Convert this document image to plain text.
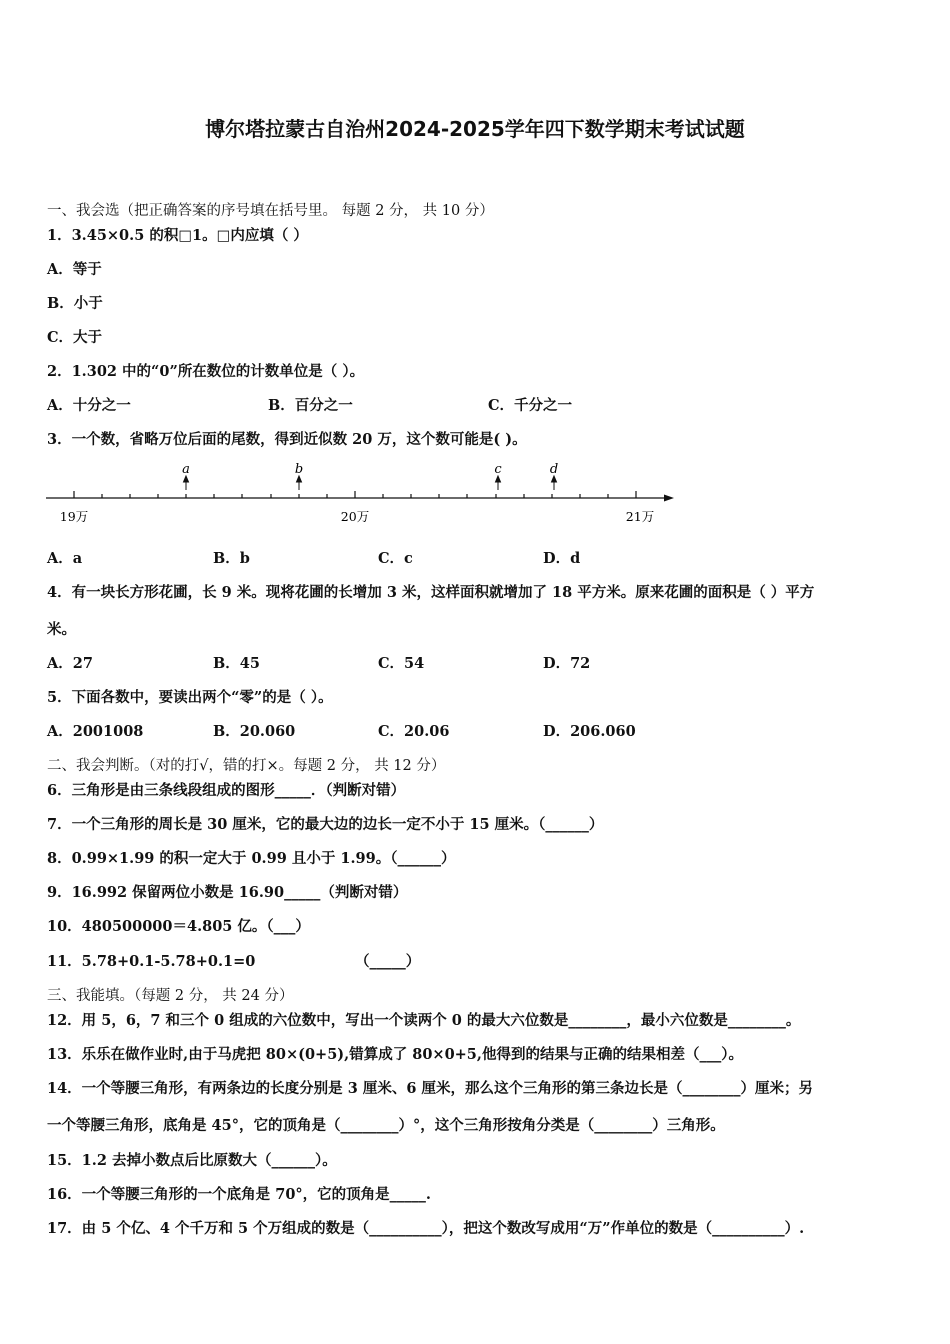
博尔塔拉蒙古自治州2024-2025学年四下数学期末考试试题
一、我会选（把正确答案的序号填在括号里。 每题 2 分， 共 10 分）
1．3.45×0.5 的积□1。□内应填（ ）
A．等于
B．小于
C．大于
2．1.302 中的“0”所在数位的计数单位是（ ）。
A．十分之一	B．百分之一	C．千分之一
3．一个数，省略万位后面的尾数，得到近似数 20 万，这个数可能是( )。
a	b	c	d
19万	20万	21万
A．a	B．b	C．c	D．d
4．有一块长方形花圃，长 9 米。现将花圃的长增加 3 米，这样面积就增加了 18 平方米。原来花圃的面积是（ ）平方
米。
A．27	B．45	C．54	D．72
5．下面各数中，要读出两个“零”的是（ ）。
A．2001008	B．20.060	C．20.06	D．206.060
二、我会判断。（对的打√，错的打×。每题 2 分， 共 12 分）
6．三角形是由三条线段组成的图形_____．（判断对错）
7．一个三角形的周长是 30 厘米，它的最大边的边长一定不小于 15 厘米。（______）
8．0.99×1.99 的积一定大于 0.99 且小于 1.99。（______）
9．16.992 保留两位小数是 16.90_____（判断对错）
10．480500000＝4.805 亿。（___）
11．5.78+0.1-5.78+0.1=0	（_____）
三、我能填。（每题 2 分， 共 24 分）
12．用 5，6，7 和三个 0 组成的六位数中，写出一个读两个 0 的最大六位数是________，最小六位数是________。
13．乐乐在做作业时,由于马虎把 80×(0+5),错算成了 80×0+5,他得到的结果与正确的结果相差（___）。
14．一个等腰三角形，有两条边的长度分别是 3 厘米、6 厘米，那么这个三角形的第三条边长是（________）厘米；另
一个等腰三角形，底角是 45°，它的顶角是（________）°，这个三角形按角分类是（________）三角形。
15．1.2 去掉小数点后比原数大（______）。
16．一个等腰三角形的一个底角是 70°，它的顶角是_____.
17．由 5 个亿、4 个千万和 5 个万组成的数是（__________），把这个数改写成用“万”作单位的数是（__________）.
